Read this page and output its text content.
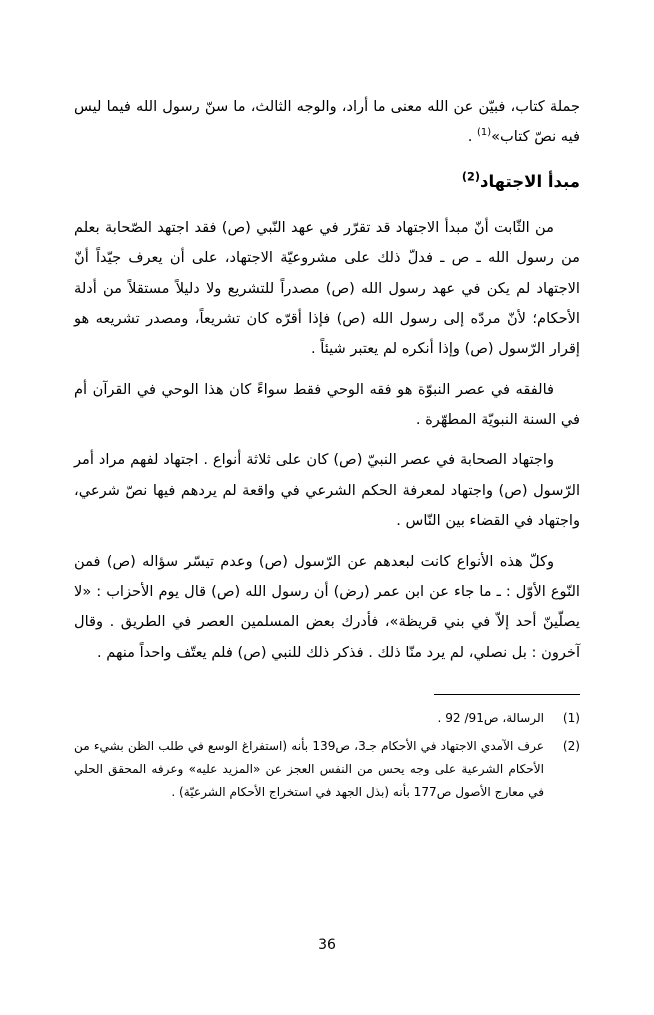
جملة كتاب، فبيّن عن الله معنى ما أراد، والوجه الثالث، ما سنّ رسول الله فيما ليس فيه نصّ كتاب»$^{(1)}$ .

مبدأ الاجتهاد$^{(2)}$

من الثّابت أنّ مبدأ الاجتهاد قد تقرّر في عهد النّبي (ص) فقد اجتهد الصّحابة بعلم من رسول الله ـ ص ـ فدلّ ذلك على مشروعيّة الاجتهاد، على أن يعرف جيّداً أنّ الاجتهاد لم يكن في عهد رسول الله (ص) مصدراً للتشريع ولا دليلاً مستقلاً من أدلة الأحكام؛ لأنّ مردّه إلى رسول الله (ص) فإذا أقرّه كان تشريعاً، ومصدر تشريعه هو إقرار الرّسول (ص) وإذا أنكره لم يعتبر شيئاً .

فالفقه في عصر النبوّة هو فقه الوحي فقط سواءً كان هذا الوحي في القرآن أم في السنة النبويّة المطهّرة .

واجتهاد الصحابة في عصر النبيّ (ص) كان على ثلاثة أنواع . اجتهاد لفهم مراد أمر الرّسول (ص) واجتهاد لمعرفة الحكم الشرعي في واقعة لم يردهم فيها نصّ شرعي، واجتهاد في القضاء بين النّاس .

وكلّ هذه الأنواع كانت لبعدهم عن الرّسول (ص) وعدم تيسّر سؤاله (ص) فمن النّوع الأوّل : ـ ما جاء عن ابن عمر (رض) أن رسول الله (ص) قال يوم الأحزاب : «لا يصلّينّ أحد إلاّ في بني قريظة»، فأدرك بعض المسلمين العصر في الطريق . وقال آخرون : بل نصلي، لم يرد منّا ذلك . فذكر ذلك للنبي (ص) فلم يعتّف واحداً منهم .

(1)
الرسالة، ص91/ 92 .
(2)
عرف الآمدي الاجتهاد في الأحكام جـ3، ص139 بأنه (استفراغ الوسع في طلب الظن بشيء من الأحكام الشرعية على وجه يحس من النفس العجز عن «المزيد عليه» وعرفه المحقق الحلي في معارج الأصول ص177 بأنه (بذل الجهد في استخراج الأحكام الشرعيّة) .
36
